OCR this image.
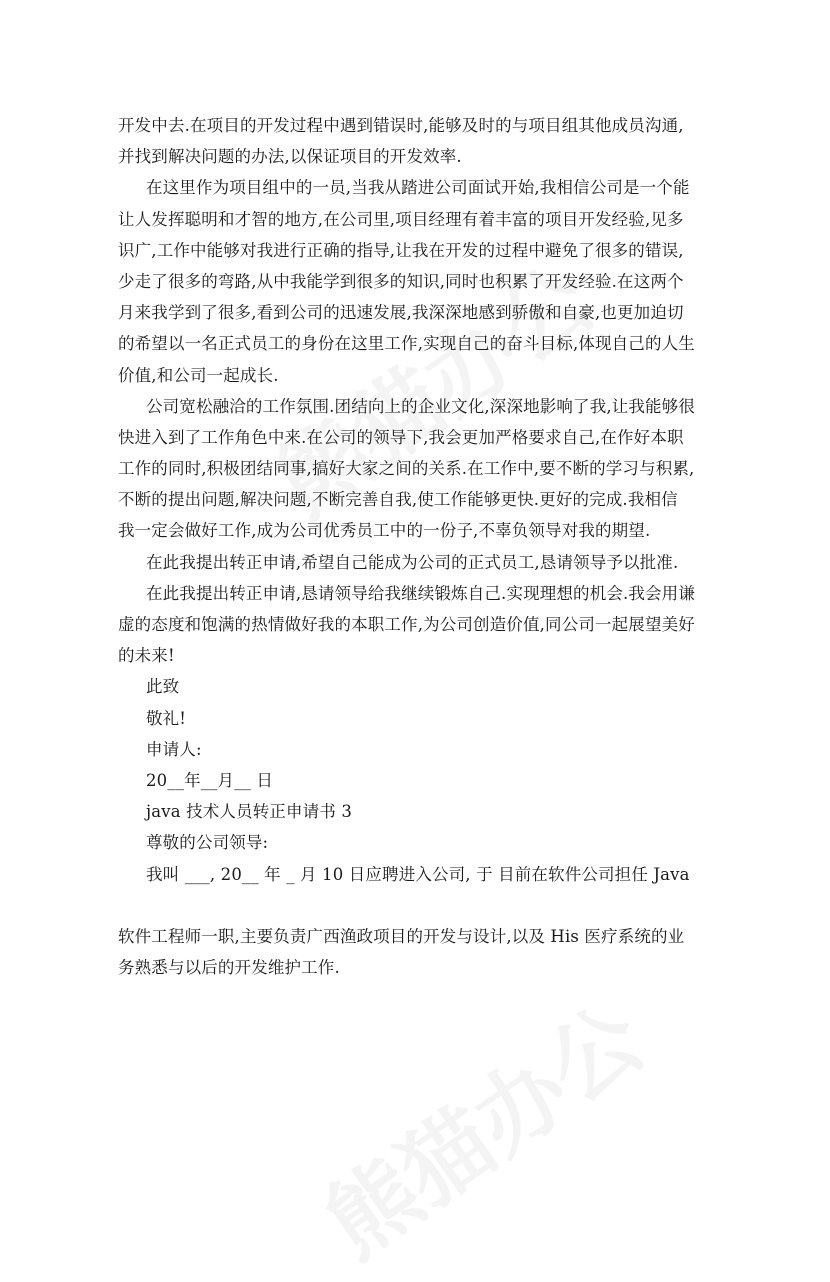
开发中去.在项目的开发过程中遇到错误时,能够及时的与项目组其他成员沟通,
并找到解决问题的办法,以保证项目的开发效率.
在这里作为项目组中的一员,当我从踏进公司面试开始,我相信公司是一个能
让人发挥聪明和才智的地方,在公司里,项目经理有着丰富的项目开发经验,见多
识广,工作中能够对我进行正确的指导,让我在开发的过程中避免了很多的错误,
少走了很多的弯路,从中我能学到很多的知识,同时也积累了开发经验.在这两个
月来我学到了很多,看到公司的迅速发展,我深深地感到骄傲和自豪,也更加迫切
的希望以一名正式员工的身份在这里工作,实现自己的奋斗目标,体现自己的人生
价值,和公司一起成长.
公司宽松融洽的工作氛围.团结向上的企业文化,深深地影响了我,让我能够很
快进入到了工作角色中来.在公司的领导下,我会更加严格要求自己,在作好本职
工作的同时,积极团结同事,搞好大家之间的关系.在工作中,要不断的学习与积累,
不断的提出问题,解决问题,不断完善自我,使工作能够更快.更好的完成.我相信
我一定会做好工作,成为公司优秀员工中的一份子,不辜负领导对我的期望.
在此我提出转正申请,希望自己能成为公司的正式员工,恳请领导予以批准.
在此我提出转正申请,恳请领导给我继续锻炼自己.实现理想的机会.我会用谦
虚的态度和饱满的热情做好我的本职工作,为公司创造价值,同公司一起展望美好
的未来!
此致
敬礼!
申请人:
20__年__月__ 日
java 技术人员转正申请书 3
尊敬的公司领导:
我叫 ___, 20__ 年 _ 月 10 日应聘进入公司, 于 目前在软件公司担任 Java
软件工程师一职,主要负责广西渔政项目的开发与设计,以及 His 医疗系统的业
务熟悉与以后的开发维护工作.
